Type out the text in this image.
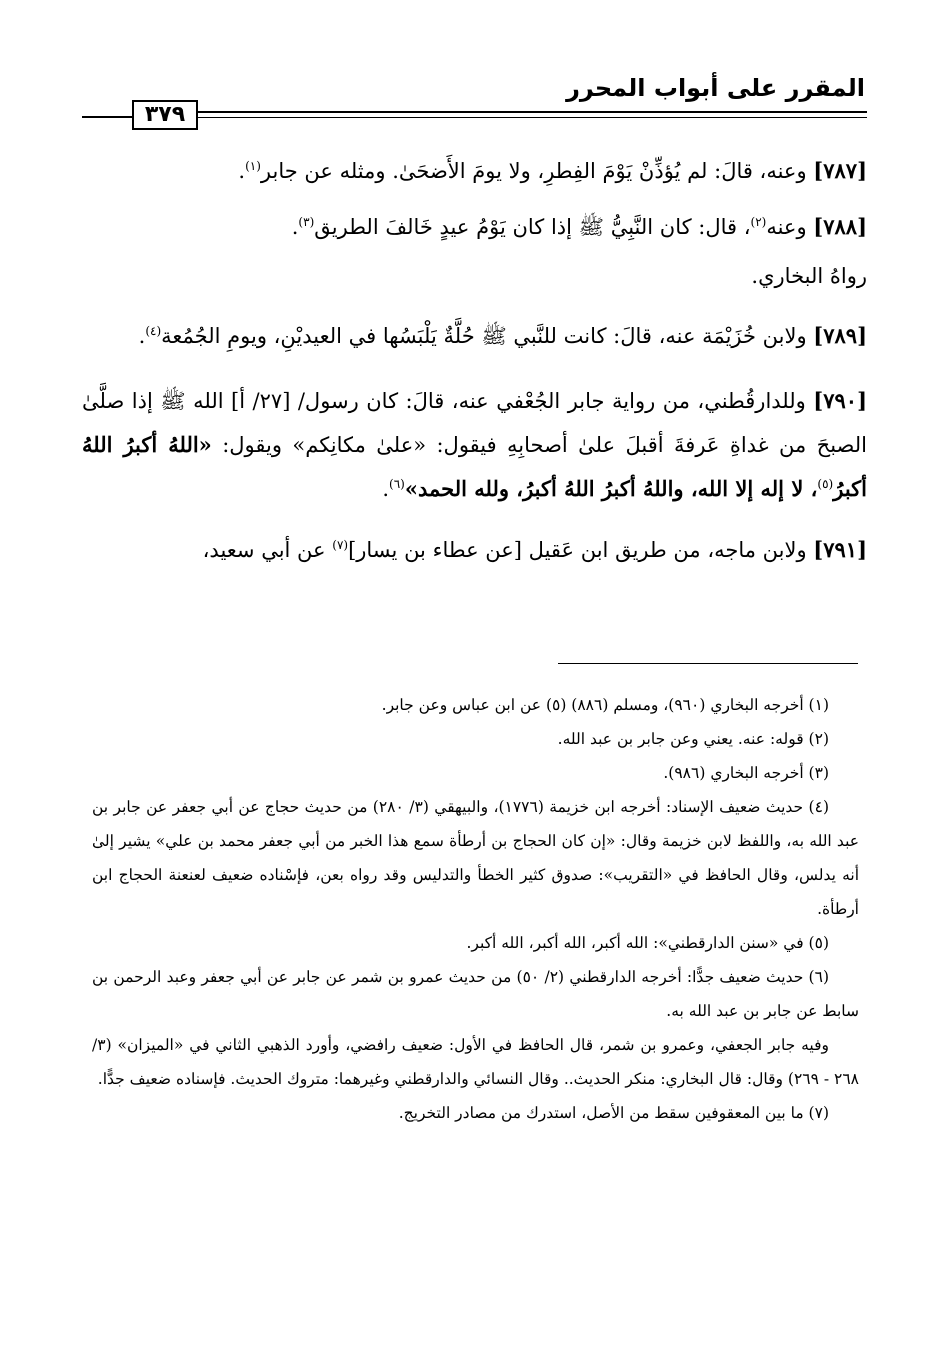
المقرر على أبواب المحرر
٣٧٩

[٧٨٧] وعنه، قالَ: لم يُؤذِّنْ يَوْمَ الفِطرِ، ولا يومَ الأَضحَىٰ. ومثله عن جابر$^{(١)}$.

[٧٨٨] وعنه$^{(٢)}$، قال: كان النَّبِيُّ ﷺ إذا كان يَوْمُ عيدٍ خَالفَ الطريق$^{(٣)}$.

رواهُ البخاري.

[٧٨٩] ولابن خُزَيْمَة عنه، قالَ: كانت للنَّبي ﷺ حُلَّةٌ يَلْبَسُها في العيديْنِ، ويومِ الجُمُعة$^{(٤)}$.

[٧٩٠] وللدارقُطني، من رواية جابر الجُعْفي عنه، قالَ: كان رسول/ [٢٧/ أ] الله ﷺ إذا صلَّىٰ الصبحَ من غداةِ عَرفةَ أقبلَ علىٰ أصحابِهِ فيقول: «علىٰ مكانِكم» ويقول: «اللهُ أكبرُ اللهُ أكبرُ$^{(٥)}$، لا إله إلا الله، واللهُ أكبرُ اللهُ أكبرُ، ولله الحمد»$^{(٦)}$.

[٧٩١] ولابن ماجه، من طريق ابن عَقيل [عن عطاء بن يسار]$^{(٧)}$ عن أبي سعيد،

(١) أخرجه البخاري (٩٦٠)، ومسلم (٨٨٦) (٥) عن ابن عباس وعن جابر.

(٢) قوله: عنه. يعني وعن جابر بن عبد الله.

(٣) أخرجه البخاري (٩٨٦).

(٤) حديث ضعيف الإسناد: أخرجه ابن خزيمة (١٧٧٦)، والبيهقي (٣/ ٢٨٠) من حديث حجاج عن أبي جعفر عن جابر بن عبد الله به، واللفظ لابن خزيمة وقال: «إن كان الحجاج بن أرطأة سمع هذا الخبر من أبي جعفر محمد بن علي» يشير إلىٰ أنه يدلس، وقال الحافظ في «التقريب»: صدوق كثير الخطأ والتدليس وقد رواه بعن، فإسْناده ضعيف لعنعنة الحجاج ابن أرطأة.

(٥) في «سنن الدارقطني»: الله أكبر، الله أكبر، الله أكبر.

(٦) حديث ضعيف جدًّا: أخرجه الدارقطني (٢/ ٥٠) من حديث عمرو بن شمر عن جابر عن أبي جعفر وعبد الرحمن بن سابط عن جابر بن عبد الله به.

وفيه جابر الجعفي، وعمرو بن شمر، قال الحافظ في الأول: ضعيف رافضي، وأورد الذهبي الثاني في «الميزان» (٣/ ٢٦٨ - ٢٦٩) وقال: قال البخاري: منكر الحديث.. وقال النسائي والدارقطني وغيرهما: متروك الحديث. فإسناده ضعيف جدًّا.

(٧) ما بين المعقوفين سقط من الأصل، استدرك من مصادر التخريج.
